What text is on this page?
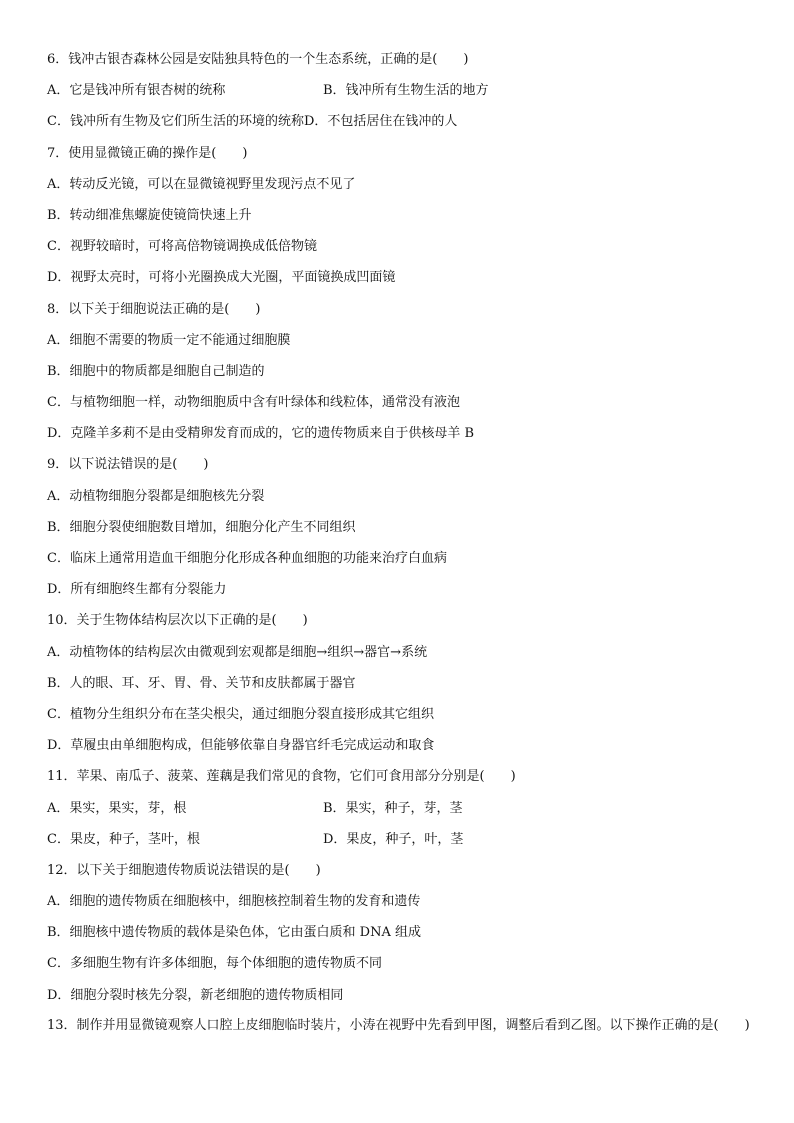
6．钱冲古银杏森林公园是安陆独具特色的一个生态系统，正确的是(　　)
A．它是钱冲所有银杏树的统称	B．钱冲所有生物生活的地方
C．钱冲所有生物及它们所生活的环境的统称D．不包括居住在钱冲的人
7．使用显微镜正确的操作是(　　)
A．转动反光镜，可以在显微镜视野里发现污点不见了
B．转动细准焦螺旋使镜筒快速上升
C．视野较暗时，可将高倍物镜调换成低倍物镜
D．视野太亮时，可将小光圈换成大光圈，平面镜换成凹面镜
8．以下关于细胞说法正确的是(　　)
A．细胞不需要的物质一定不能通过细胞膜
B．细胞中的物质都是细胞自己制造的
C．与植物细胞一样，动物细胞质中含有叶绿体和线粒体，通常没有液泡
D．克隆羊多莉不是由受精卵发育而成的，它的遗传物质来自于供核母羊 B
9．以下说法错误的是(　　)
A．动植物细胞分裂都是细胞核先分裂
B．细胞分裂使细胞数目增加，细胞分化产生不同组织
C．临床上通常用造血干细胞分化形成各种血细胞的功能来治疗白血病
D．所有细胞终生都有分裂能力
10．关于生物体结构层次以下正确的是(　　)
A．动植物体的结构层次由微观到宏观都是细胞→组织→器官→系统
B．人的眼、耳、牙、胃、骨、关节和皮肤都属于器官
C．植物分生组织分布在茎尖根尖，通过细胞分裂直接形成其它组织
D．草履虫由单细胞构成，但能够依靠自身器官纤毛完成运动和取食
11．苹果、南瓜子、菠菜、莲藕是我们常见的食物，它们可食用部分分别是(　　)
A．果实，果实，芽，根	B．果实，种子，芽，茎
C．果皮，种子，茎叶，根	D．果皮，种子，叶，茎
12．以下关于细胞遗传物质说法错误的是(　　)
A．细胞的遗传物质在细胞核中，细胞核控制着生物的发育和遗传
B．细胞核中遗传物质的载体是染色体，它由蛋白质和 DNA 组成
C．多细胞生物有许多体细胞，每个体细胞的遗传物质不同
D．细胞分裂时核先分裂，新老细胞的遗传物质相同
13．制作并用显微镜观察人口腔上皮细胞临时装片，小涛在视野中先看到甲图，调整后看到乙图。以下操作正确的是(　　)
